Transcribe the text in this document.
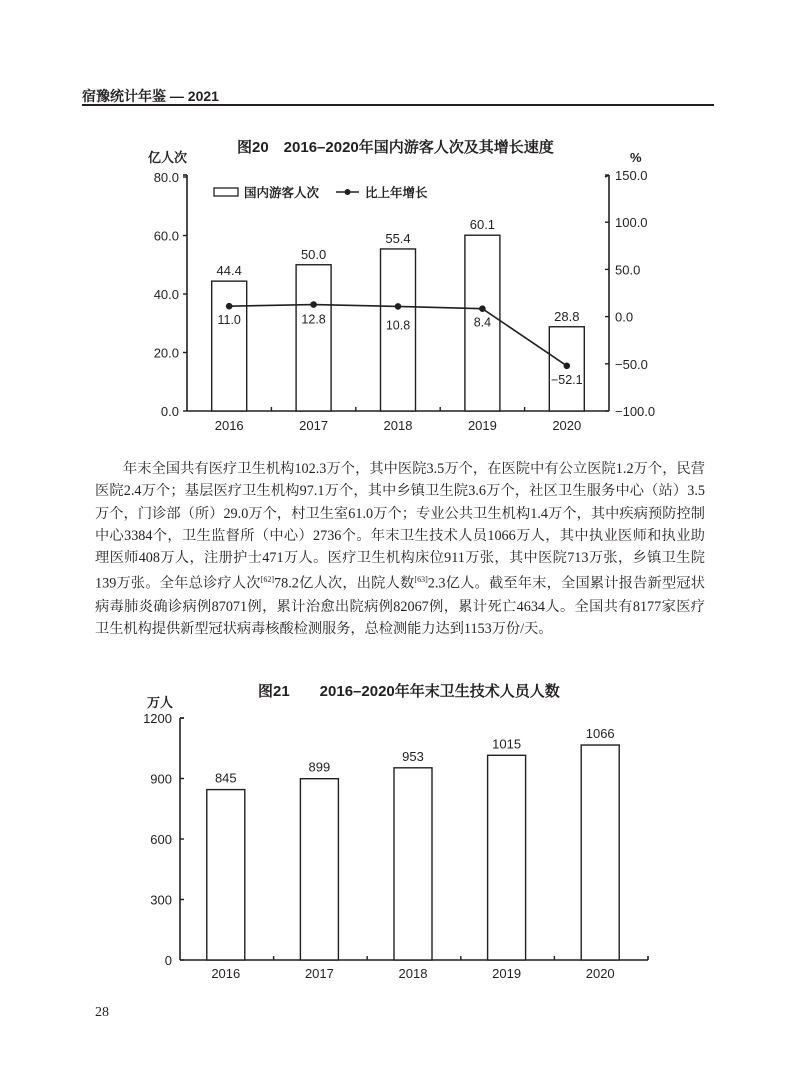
宿豫统计年鉴 — 2021
图20　2016–2020年国内游客人次及其增长速度
0.0
20.0
40.0
60.0
80.0
亿人次
−100.0
−50.0
0.0
50.0
100.0
150.0
%
2016	2017	2018	2019	2020
44.4
50.0
55.4
60.1
28.8
11.0	12.8	10.8	8.4
−52.1
国内游客人次	比上年增长
年末全国共有医疗卫生机构102.3万个，其中医院3.5万个，在医院中有公立医院1.2万个，民营医院2.4万个；基层医疗卫生机构97.1万个，其中乡镇卫生院3.6万个，社区卫生服务中心（站）3.5万个，门诊部（所）29.0万个，村卫生室61.0万个；专业公共卫生机构1.4万个，其中疾病预防控制中心3384个，卫生监督所（中心）2736个。年末卫生技术人员1066万人，其中执业医师和执业助理医师408万人，注册护士471万人。医疗卫生机构床位911万张，其中医院713万张，乡镇卫生院139万张。全年总诊疗人次[62]78.2亿人次，出院人数[63]2.3亿人。截至年末，全国累计报告新型冠状病毒肺炎确诊病例87071例，累计治愈出院病例82067例，累计死亡4634人。全国共有8177家医疗卫生机构提供新型冠状病毒核酸检测服务，总检测能力达到1153万份/天。
图21　　2016–2020年年末卫生技术人员人数
0
300
600
900
1200
万人
2016	2017	2018	2019	2020
845
899
953
1015
1066
28
